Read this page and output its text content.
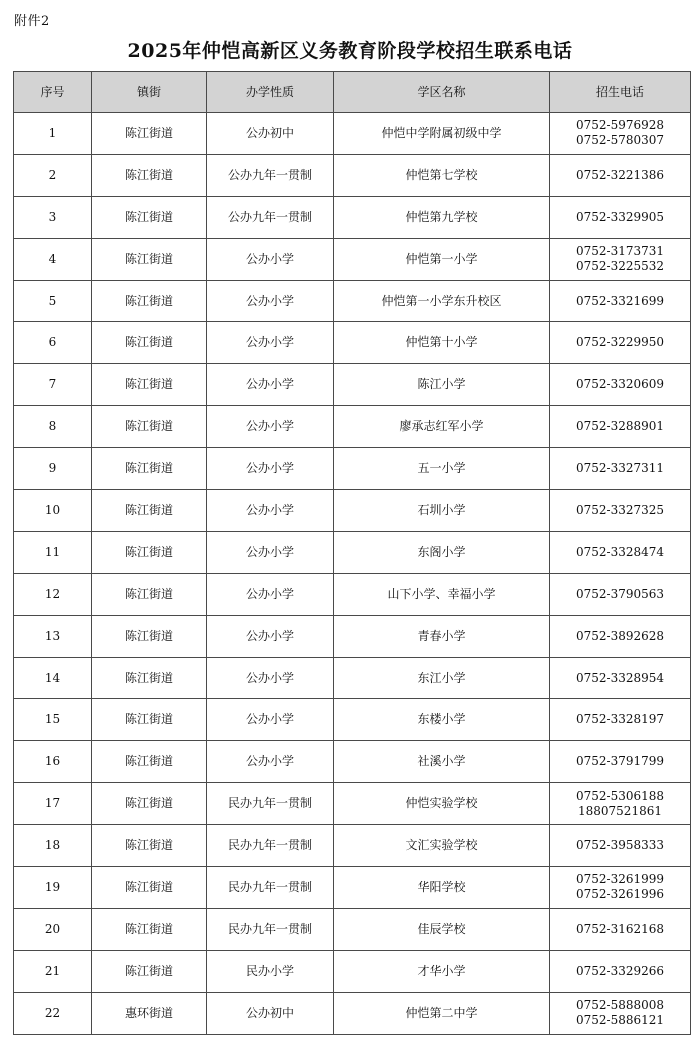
附件2
2025年仲恺高新区义务教育阶段学校招生联系电话
序号	镇街	办学性质	学区名称	招生电话
1	陈江街道	公办初中	仲恺中学附属初级中学	0752-5976928
0752-5780307

2	陈江街道	公办九年一贯制	仲恺第七学校	0752-3221386

3	陈江街道	公办九年一贯制	仲恺第九学校	0752-3329905

4	陈江街道	公办小学	仲恺第一小学	0752-3173731
0752-3225532

5	陈江街道	公办小学	仲恺第一小学东升校区	0752-3321699

6	陈江街道	公办小学	仲恺第十小学	0752-3229950

7	陈江街道	公办小学	陈江小学	0752-3320609

8	陈江街道	公办小学	廖承志红军小学	0752-3288901

9	陈江街道	公办小学	五一小学	0752-3327311

10	陈江街道	公办小学	石圳小学	0752-3327325

11	陈江街道	公办小学	东阁小学	0752-3328474

12	陈江街道	公办小学	山下小学、幸福小学	0752-3790563

13	陈江街道	公办小学	青春小学	0752-3892628

14	陈江街道	公办小学	东江小学	0752-3328954

15	陈江街道	公办小学	东楼小学	0752-3328197

16	陈江街道	公办小学	社溪小学	0752-3791799

17	陈江街道	民办九年一贯制	仲恺实验学校	0752-5306188
18807521861

18	陈江街道	民办九年一贯制	文汇实验学校	0752-3958333

19	陈江街道	民办九年一贯制	华阳学校	0752-3261999
0752-3261996

20	陈江街道	民办九年一贯制	佳辰学校	0752-3162168

21	陈江街道	民办小学	才华小学	0752-3329266

22	惠环街道	公办初中	仲恺第二中学	0752-5888008
0752-5886121
